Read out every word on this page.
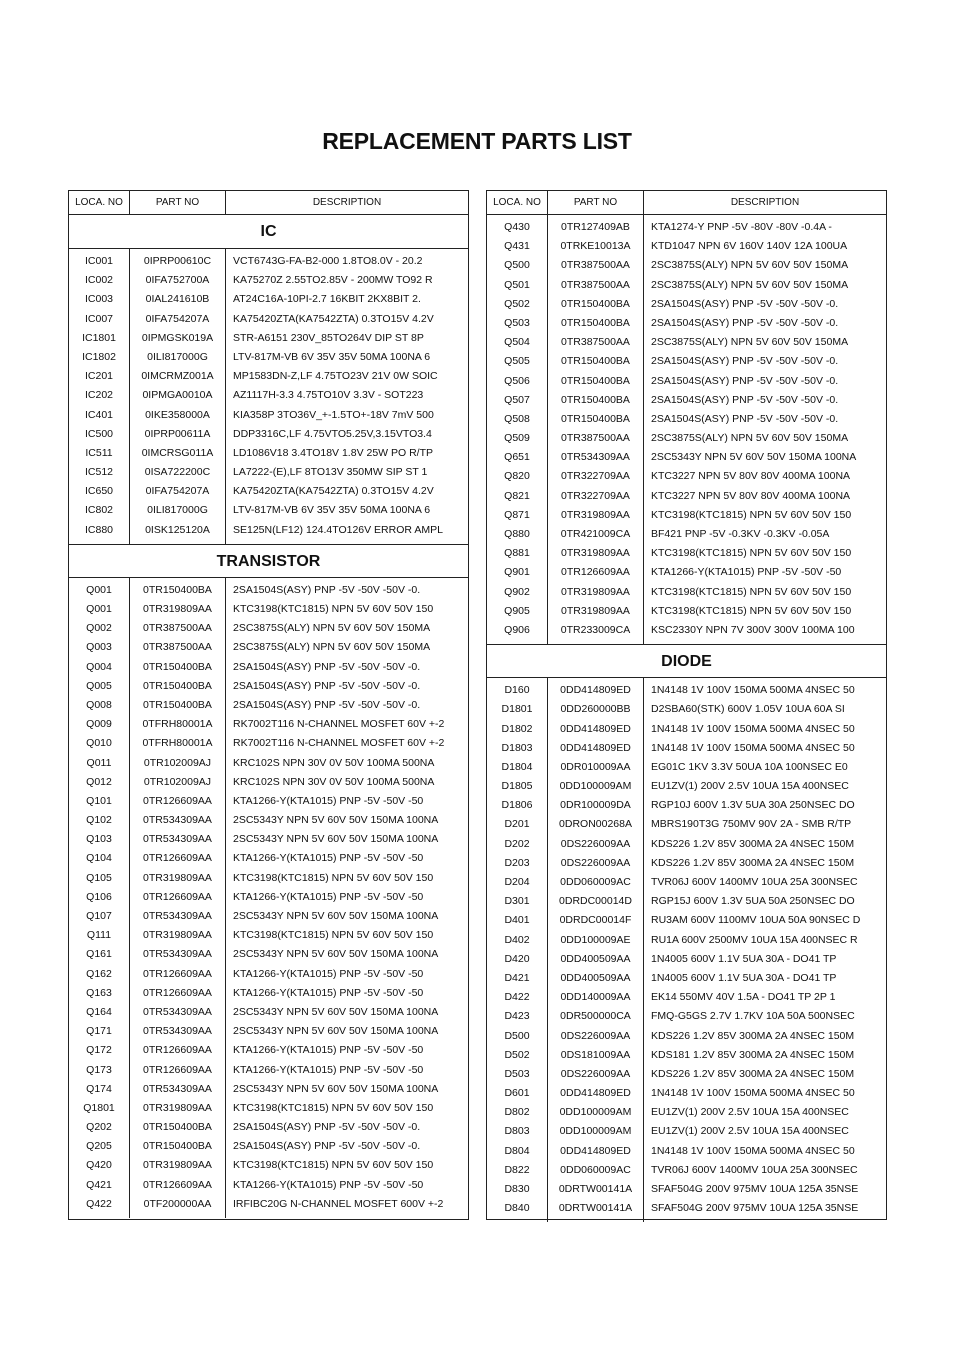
REPLACEMENT PARTS LIST
LOCA. NO	PART NO	DESCRIPTION
IC
IC001	0IPRP00610C	VCT6743G-FA-B2-000 1.8TO8.0V - 20.2
IC002	0IFA752700A	KA75270Z 2.55TO2.85V - 200MW TO92 R
IC003	0IAL241610B	AT24C16A-10PI-2.7 16KBIT 2KX8BIT 2.
IC007	0IFA754207A	KA75420ZTA(KA7542ZTA) 0.3TO15V 4.2V
IC1801	0IPMGSK019A	STR-A6151 230V_85TO264V DIP ST 8P
IC1802	0ILI817000G	LTV-817M-VB 6V 35V 35V 50MA 100NA 6
IC201	0IMCRMZ001A	MP1583DN-Z,LF 4.75TO23V 21V 0W SOIC
IC202	0IPMGA0010A	AZ1117H-3.3 4.75TO10V 3.3V - SOT223
IC401	0IKE358000A	KIA358P 3TO36V_+-1.5TO+-18V 7mV 500
IC500	0IPRP00611A	DDP3316C,LF 4.75VTO5.25V,3.15VTO3.4
IC511	0IMCRSG011A	LD1086V18 3.4TO18V 1.8V 25W PO R/TP
IC512	0ISA722200C	LA7222-(E),LF 8TO13V 350MW SIP ST 1
IC650	0IFA754207A	KA75420ZTA(KA7542ZTA) 0.3TO15V 4.2V
IC802	0ILI817000G	LTV-817M-VB 6V 35V 35V 50MA 100NA 6
IC880	0ISK125120A	SE125N(LF12) 124.4TO126V ERROR AMPL
TRANSISTOR
Q001	0TR150400BA	2SA1504S(ASY) PNP -5V -50V -50V -0.
Q001	0TR319809AA	KTC3198(KTC1815) NPN 5V 60V 50V 150
Q002	0TR387500AA	2SC3875S(ALY) NPN 5V 60V 50V 150MA
Q003	0TR387500AA	2SC3875S(ALY) NPN 5V 60V 50V 150MA
Q004	0TR150400BA	2SA1504S(ASY) PNP -5V -50V -50V -0.
Q005	0TR150400BA	2SA1504S(ASY) PNP -5V -50V -50V -0.
Q008	0TR150400BA	2SA1504S(ASY) PNP -5V -50V -50V -0.
Q009	0TFRH80001A	RK7002T116 N-CHANNEL MOSFET 60V +-2
Q010	0TFRH80001A	RK7002T116 N-CHANNEL MOSFET 60V +-2
Q011	0TR102009AJ	KRC102S NPN 30V 0V 50V 100MA 500NA
Q012	0TR102009AJ	KRC102S NPN 30V 0V 50V 100MA 500NA
Q101	0TR126609AA	KTA1266-Y(KTA1015) PNP -5V -50V -50
Q102	0TR534309AA	2SC5343Y NPN 5V 60V 50V 150MA 100NA
Q103	0TR534309AA	2SC5343Y NPN 5V 60V 50V 150MA 100NA
Q104	0TR126609AA	KTA1266-Y(KTA1015) PNP -5V -50V -50
Q105	0TR319809AA	KTC3198(KTC1815) NPN 5V 60V 50V 150
Q106	0TR126609AA	KTA1266-Y(KTA1015) PNP -5V -50V -50
Q107	0TR534309AA	2SC5343Y NPN 5V 60V 50V 150MA 100NA
Q111	0TR319809AA	KTC3198(KTC1815) NPN 5V 60V 50V 150
Q161	0TR534309AA	2SC5343Y NPN 5V 60V 50V 150MA 100NA
Q162	0TR126609AA	KTA1266-Y(KTA1015) PNP -5V -50V -50
Q163	0TR126609AA	KTA1266-Y(KTA1015) PNP -5V -50V -50
Q164	0TR534309AA	2SC5343Y NPN 5V 60V 50V 150MA 100NA
Q171	0TR534309AA	2SC5343Y NPN 5V 60V 50V 150MA 100NA
Q172	0TR126609AA	KTA1266-Y(KTA1015) PNP -5V -50V -50
Q173	0TR126609AA	KTA1266-Y(KTA1015) PNP -5V -50V -50
Q174	0TR534309AA	2SC5343Y NPN 5V 60V 50V 150MA 100NA
Q1801	0TR319809AA	KTC3198(KTC1815) NPN 5V 60V 50V 150
Q202	0TR150400BA	2SA1504S(ASY) PNP -5V -50V -50V -0.
Q205	0TR150400BA	2SA1504S(ASY) PNP -5V -50V -50V -0.
Q420	0TR319809AA	KTC3198(KTC1815) NPN 5V 60V 50V 150
Q421	0TR126609AA	KTA1266-Y(KTA1015) PNP -5V -50V -50
Q422	0TF200000AA	IRFIBC20G N-CHANNEL MOSFET 600V +-2
LOCA. NO	PART NO	DESCRIPTION
Q430	0TR127409AB	KTA1274-Y PNP -5V -80V -80V -0.4A -
Q431	0TRKE10013A	KTD1047 NPN 6V 160V 140V 12A 100UA
Q500	0TR387500AA	2SC3875S(ALY) NPN 5V 60V 50V 150MA
Q501	0TR387500AA	2SC3875S(ALY) NPN 5V 60V 50V 150MA
Q502	0TR150400BA	2SA1504S(ASY) PNP -5V -50V -50V -0.
Q503	0TR150400BA	2SA1504S(ASY) PNP -5V -50V -50V -0.
Q504	0TR387500AA	2SC3875S(ALY) NPN 5V 60V 50V 150MA
Q505	0TR150400BA	2SA1504S(ASY) PNP -5V -50V -50V -0.
Q506	0TR150400BA	2SA1504S(ASY) PNP -5V -50V -50V -0.
Q507	0TR150400BA	2SA1504S(ASY) PNP -5V -50V -50V -0.
Q508	0TR150400BA	2SA1504S(ASY) PNP -5V -50V -50V -0.
Q509	0TR387500AA	2SC3875S(ALY) NPN 5V 60V 50V 150MA
Q651	0TR534309AA	2SC5343Y NPN 5V 60V 50V 150MA 100NA
Q820	0TR322709AA	KTC3227 NPN 5V 80V 80V 400MA 100NA
Q821	0TR322709AA	KTC3227 NPN 5V 80V 80V 400MA 100NA
Q871	0TR319809AA	KTC3198(KTC1815) NPN 5V 60V 50V 150
Q880	0TR421009CA	BF421 PNP -5V -0.3KV -0.3KV -0.05A
Q881	0TR319809AA	KTC3198(KTC1815) NPN 5V 60V 50V 150
Q901	0TR126609AA	KTA1266-Y(KTA1015) PNP -5V -50V -50
Q902	0TR319809AA	KTC3198(KTC1815) NPN 5V 60V 50V 150
Q905	0TR319809AA	KTC3198(KTC1815) NPN 5V 60V 50V 150
Q906	0TR233009CA	KSC2330Y NPN 7V 300V 300V 100MA 100
DIODE
D160	0DD414809ED	1N4148 1V 100V 150MA 500MA 4NSEC 50
D1801	0DD260000BB	D2SBA60(STK) 600V 1.05V 10UA 60A SI
D1802	0DD414809ED	1N4148 1V 100V 150MA 500MA 4NSEC 50
D1803	0DD414809ED	1N4148 1V 100V 150MA 500MA 4NSEC 50
D1804	0DR010009AA	EG01C 1KV 3.3V 50UA 10A 100NSEC E0
D1805	0DD100009AM	EU1ZV(1) 200V 2.5V 10UA 15A 400NSEC
D1806	0DR100009DA	RGP10J 600V 1.3V 5UA 30A 250NSEC DO
D201	0DRON00268A	MBRS190T3G 750MV 90V 2A - SMB R/TP
D202	0DS226009AA	KDS226 1.2V 85V 300MA 2A 4NSEC 150M
D203	0DS226009AA	KDS226 1.2V 85V 300MA 2A 4NSEC 150M
D204	0DD060009AC	TVR06J 600V 1400MV 10UA 25A 300NSEC
D301	0DRDC00014D	RGP15J 600V 1.3V 5UA 50A 250NSEC DO
D401	0DRDC00014F	RU3AM 600V 1100MV 10UA 50A 90NSEC D
D402	0DD100009AE	RU1A 600V 2500MV 10UA 15A 400NSEC R
D420	0DD400509AA	1N4005 600V 1.1V 5UA 30A - DO41 TP
D421	0DD400509AA	1N4005 600V 1.1V 5UA 30A - DO41 TP
D422	0DD140009AA	EK14 550MV 40V 1.5A - DO41 TP 2P 1
D423	0DR500000CA	FMQ-G5GS 2.7V 1.7KV 10A 50A 500NSEC
D500	0DS226009AA	KDS226 1.2V 85V 300MA 2A 4NSEC 150M
D502	0DS181009AA	KDS181 1.2V 85V 300MA 2A 4NSEC 150M
D503	0DS226009AA	KDS226 1.2V 85V 300MA 2A 4NSEC 150M
D601	0DD414809ED	1N4148 1V 100V 150MA 500MA 4NSEC 50
D802	0DD100009AM	EU1ZV(1) 200V 2.5V 10UA 15A 400NSEC
D803	0DD100009AM	EU1ZV(1) 200V 2.5V 10UA 15A 400NSEC
D804	0DD414809ED	1N4148 1V 100V 150MA 500MA 4NSEC 50
D822	0DD060009AC	TVR06J 600V 1400MV 10UA 25A 300NSEC
D830	0DRTW00141A	SFAF504G 200V 975MV 10UA 125A 35NSE
D840	0DRTW00141A	SFAF504G 200V 975MV 10UA 125A 35NSE
